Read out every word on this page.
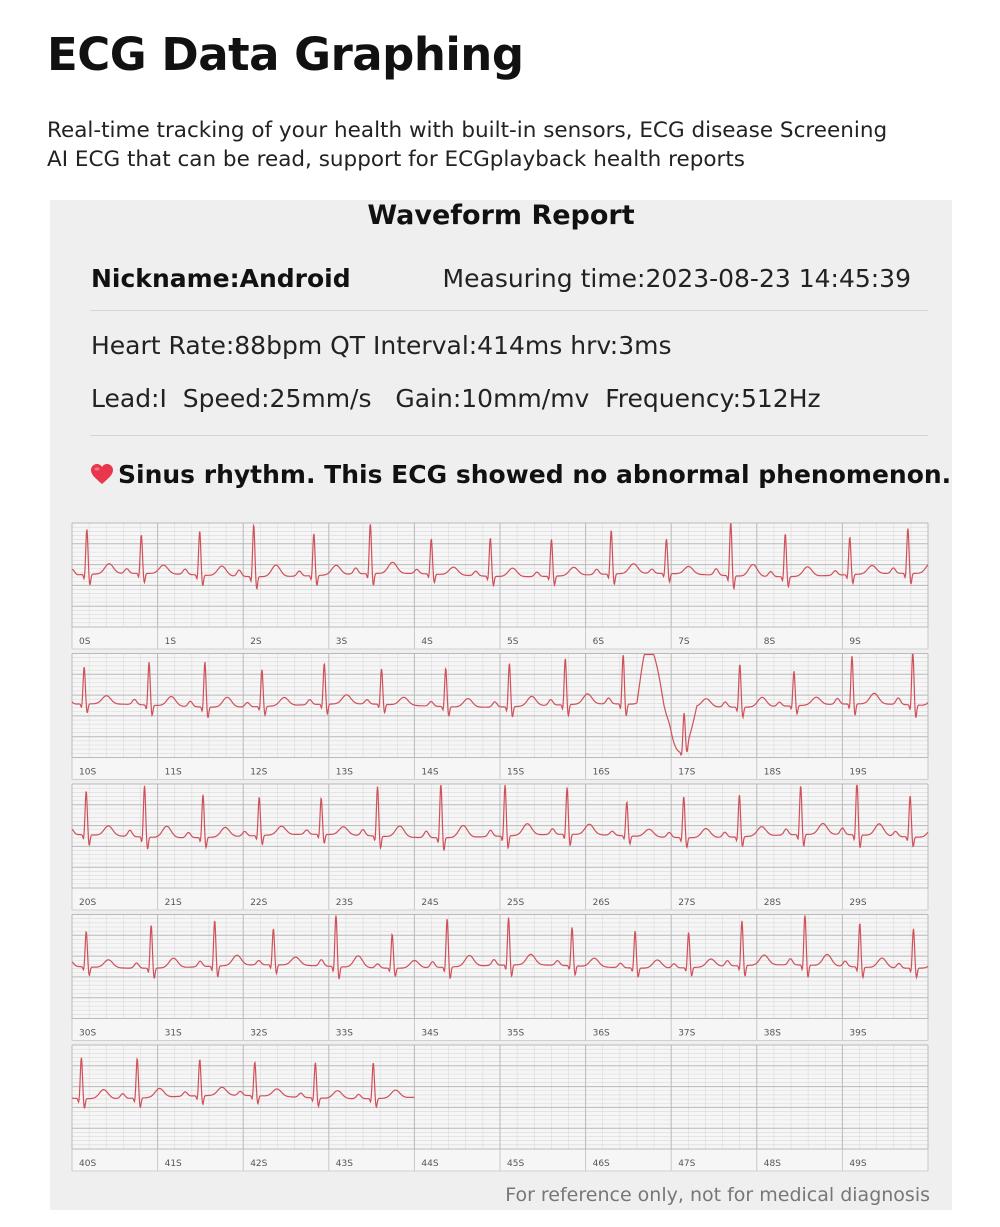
ECG Data Graphing
Real-time tracking of your health with built-in sensors, ECG disease Screening
AI ECG that can be read, support for ECGplayback health reports
Waveform Report
Nickname:Android	Measuring time:2023-08-23 14:45:39
Heart Rate:88bpm QT Interval:414ms hrv:3ms
Lead:I  Speed:25mm/s   Gain:10mm/mv  Frequency:512Hz
Sinus rhythm. This ECG showed no abnormal phenomenon.
0S	1S	2S	3S	4S	5S	6S	7S	8S	9S
10S	11S	12S	13S	14S	15S	16S	17S	18S	19S
20S	21S	22S	23S	24S	25S	26S	27S	28S	29S
30S	31S	32S	33S	34S	35S	36S	37S	38S	39S
40S	41S	42S	43S	44S	45S	46S	47S	48S	49S
For reference only, not for medical diagnosis
